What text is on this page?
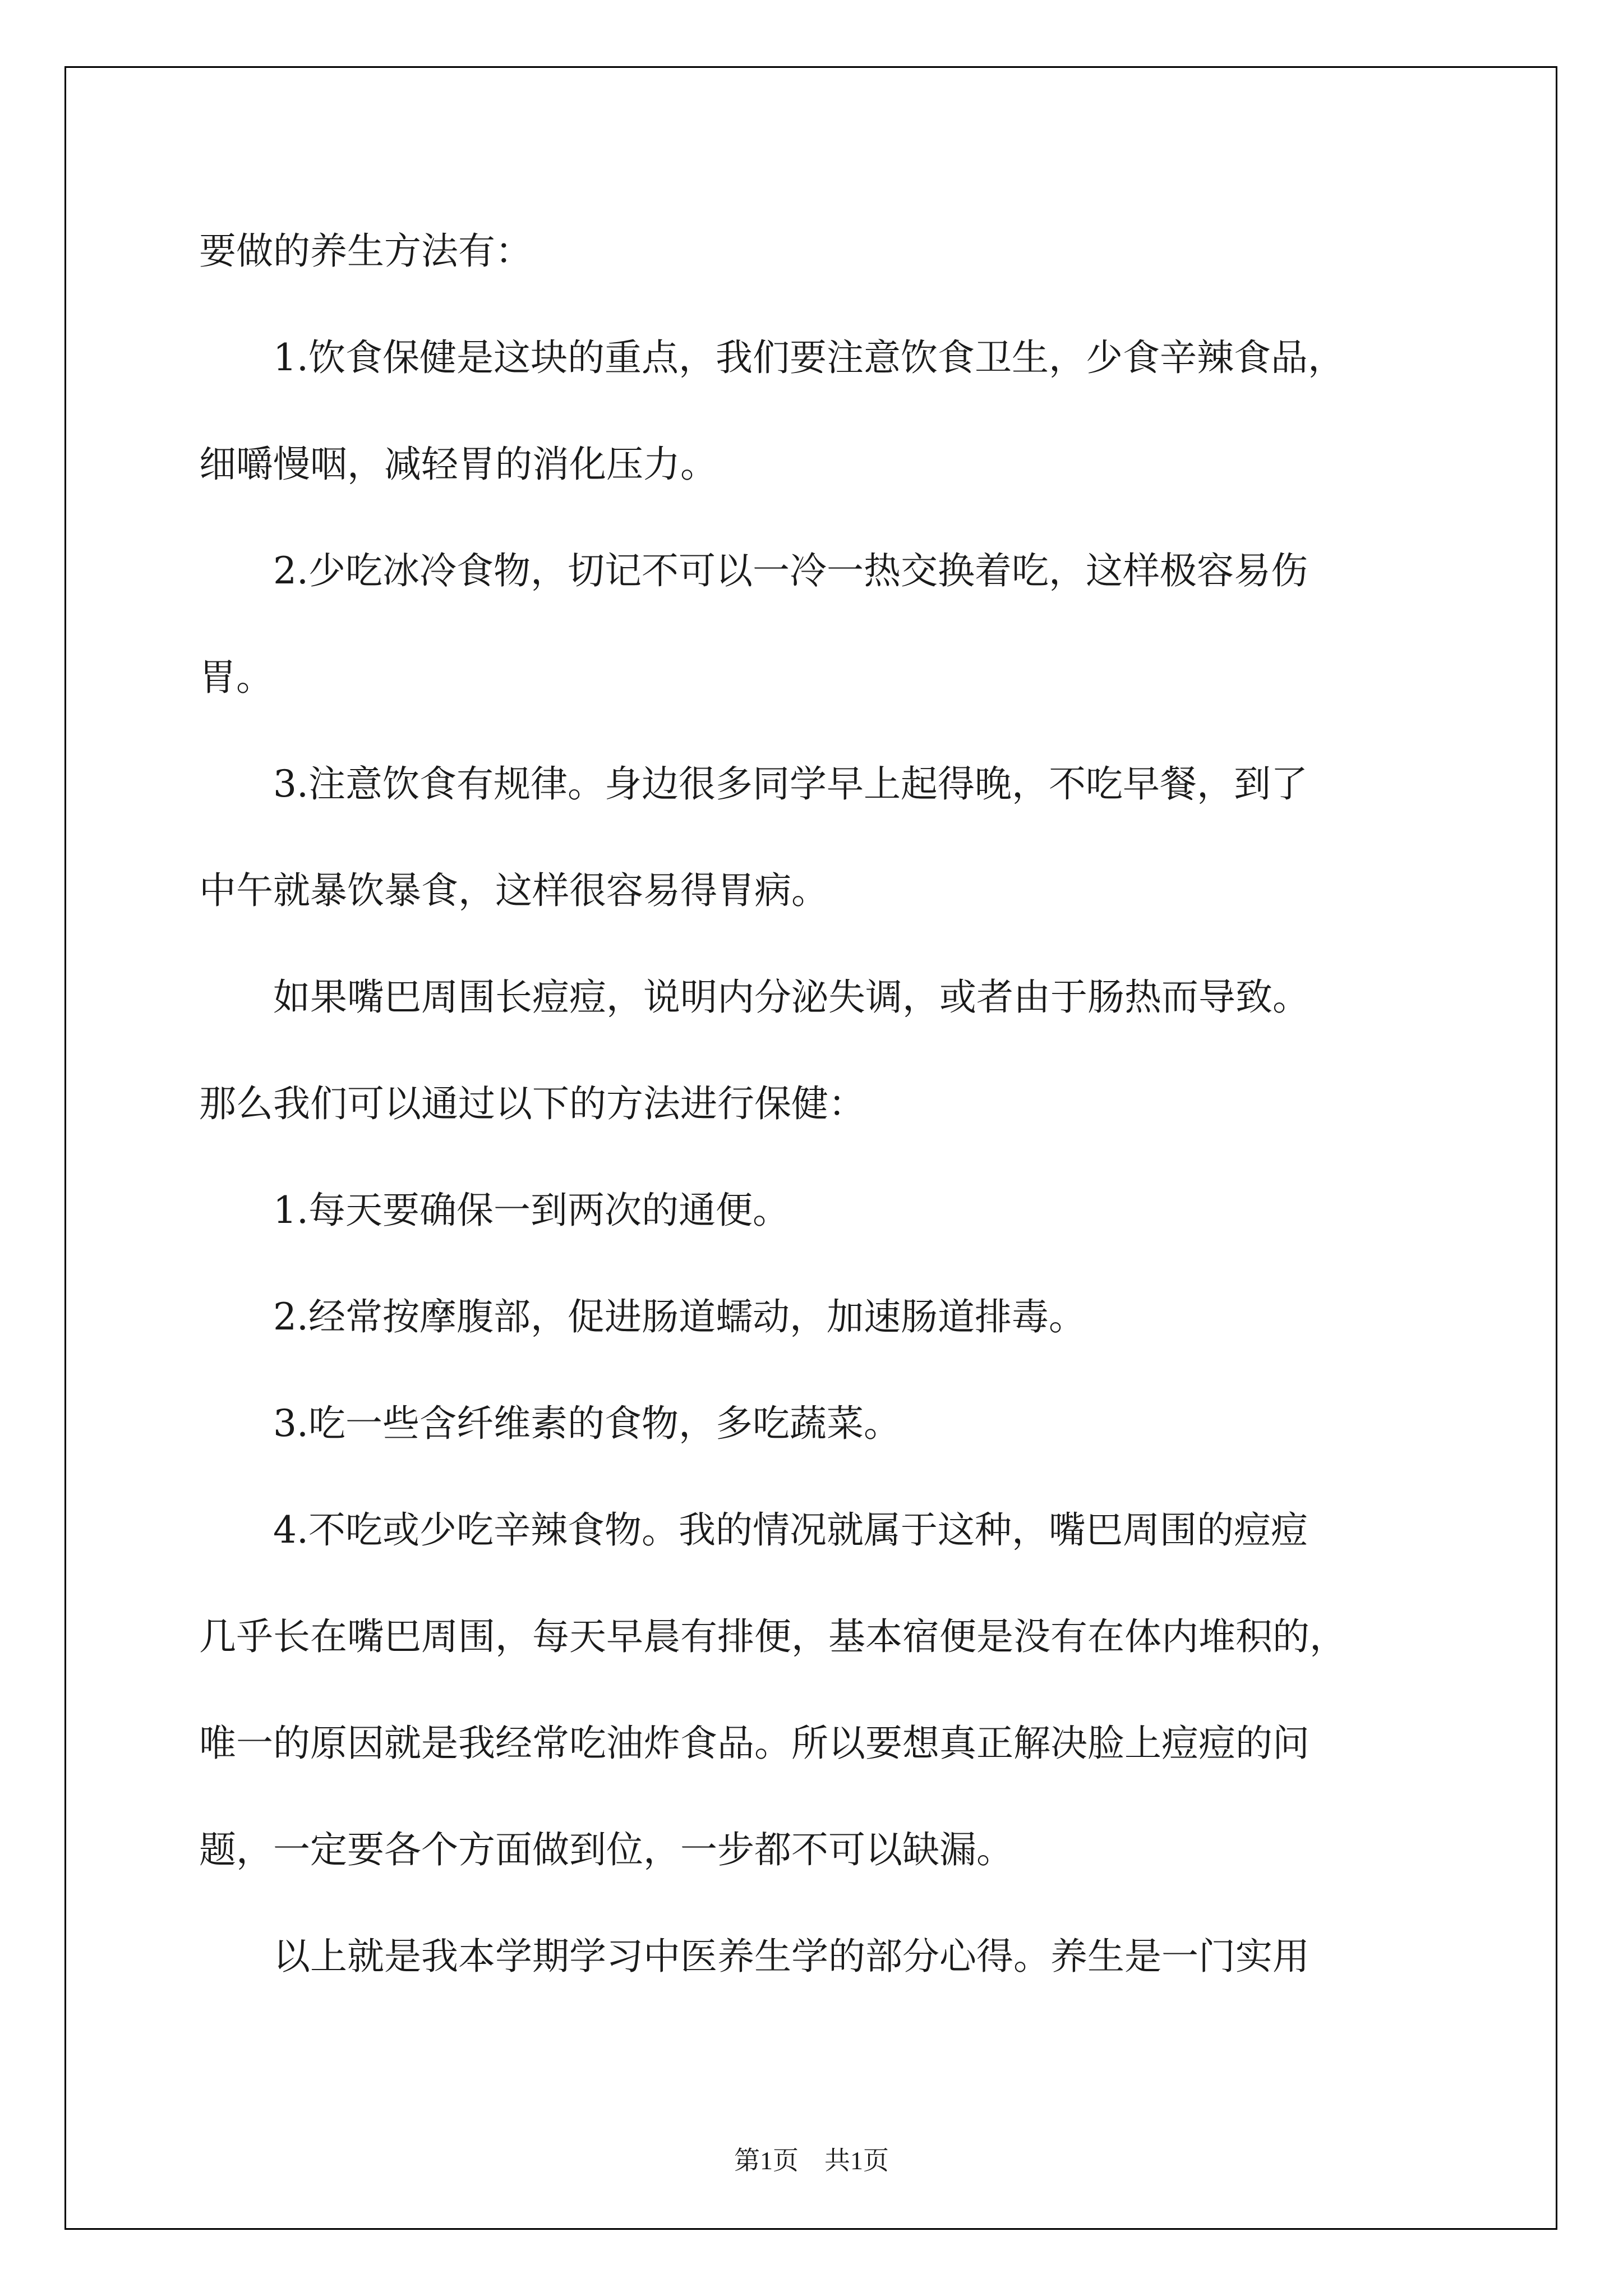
要做的养生方法有：
　　1.饮食保健是这块的重点，我们要注意饮食卫生，少食辛辣食品，
细嚼慢咽，减轻胃的消化压力。
　　2.少吃冰冷食物，切记不可以一冷一热交换着吃，这样极容易伤
胃。
　　3.注意饮食有规律。身边很多同学早上起得晚，不吃早餐，到了
中午就暴饮暴食，这样很容易得胃病。
　　如果嘴巴周围长痘痘，说明内分泌失调，或者由于肠热而导致。
那么我们可以通过以下的方法进行保健：
　　1.每天要确保一到两次的通便。
　　2.经常按摩腹部，促进肠道蠕动，加速肠道排毒。
　　3.吃一些含纤维素的食物，多吃蔬菜。
　　4.不吃或少吃辛辣食物。我的情况就属于这种，嘴巴周围的痘痘
几乎长在嘴巴周围，每天早晨有排便，基本宿便是没有在体内堆积的，
唯一的原因就是我经常吃油炸食品。所以要想真正解决脸上痘痘的问
题，一定要各个方面做到位，一步都不可以缺漏。
　　以上就是我本学期学习中医养生学的部分心得。养生是一门实用
第1页　共1页
